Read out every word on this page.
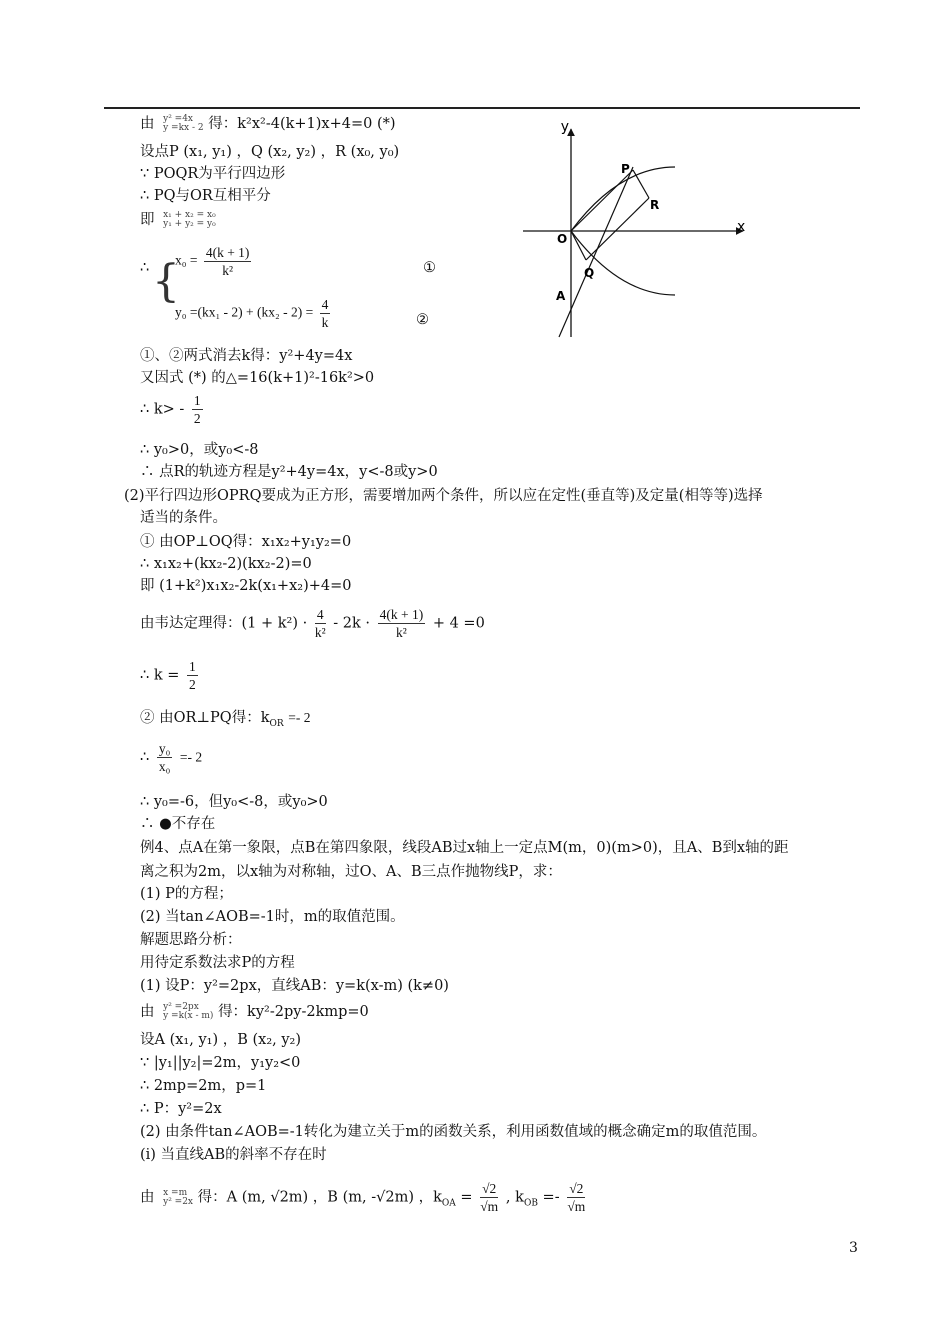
由 y² =4x
y =kx - 2 得：k²x²-4(k+1)x+4=0 (*)
设点P (x₁, y₁) ，Q (x₂, y₂) ，R (x₀, y₀)
∵ POQR为平行四边形
∴ PQ与OR互相平分
即 x₁ + x₂ = x₀
y₁ + y₂ = y₀
∴ {
$x_0 = \frac{4(k + 1)}{\text{k²}}$	①
$y_0 =(kx_1 - 2) + (kx_2 - 2) = \frac{4}{k}$	②
①、②两式消去k得：y²+4y=4x
又因式 (*) 的△=16(k+1)²-16k²>0
∴ $k> - \frac{1}{2}$
∴ y₀>0，或y₀<-8
∴ 点R的轨迹方程是y²+4y=4x，y<-8或y>0
(2)平行四边形OPRQ要成为正方形，需要增加两个条件，所以应在定性(垂直等)及定量(相等等)选择
适当的条件。
① 由OP⊥OQ得：x₁x₂+y₁y₂=0
∴ x₁x₂+(kx₂-2)(kx₂-2)=0
即 (1+k²)x₁x₂-2k(x₁+x₂)+4=0
由韦达定理得：$(1 + k^2) \cdot \frac{4}{\text{k²}} - 2k \cdot \frac{4(k + 1)}{\text{k²}} + 4 =0$
∴ $k = \frac{1}{2}$
② 由OR⊥PQ得：$k_{OR} =- 2$
∴ $\frac{\text{y₀}}{\text{x₀}} =- 2$
∴ y₀=-6，但y₀<-8，或y₀>0
∴ ●不存在
例4、点A在第一象限，点B在第四象限，线段AB过x轴上一定点M(m，0)(m>0)，且A、B到x轴的距
离之积为2m，以x轴为对称轴，过O、A、B三点作抛物线P，求：
(1) P的方程；
(2) 当tan∠AOB=-1时，m的取值范围。
解题思路分析：
用待定系数法求P的方程
(1) 设P：y²=2px，直线AB：y=k(x-m) (k≠0)
由 y² =2px
y =k(x - m) 得：ky²-2py-2kmp=0
设A (x₁, y₁) ，B (x₂, y₂)
∵ |y₁||y₂|=2m，y₁y₂<0
∴ 2mp=2m，p=1
∴ P：y²=2x
(2) 由条件tan∠AOB=-1转化为建立关于m的函数关系，利用函数值域的概念确定m的取值范围。
(i) 当直线AB的斜率不存在时
由 x =m
y² =2x 得：A (m, √2m) ，B (m, -√2m) ，$k_{OA} = \frac{√2}{√m}$ , $k_{OB} =- \frac{√2}{√m}$
y
x
P
R
O
Q
A
3
